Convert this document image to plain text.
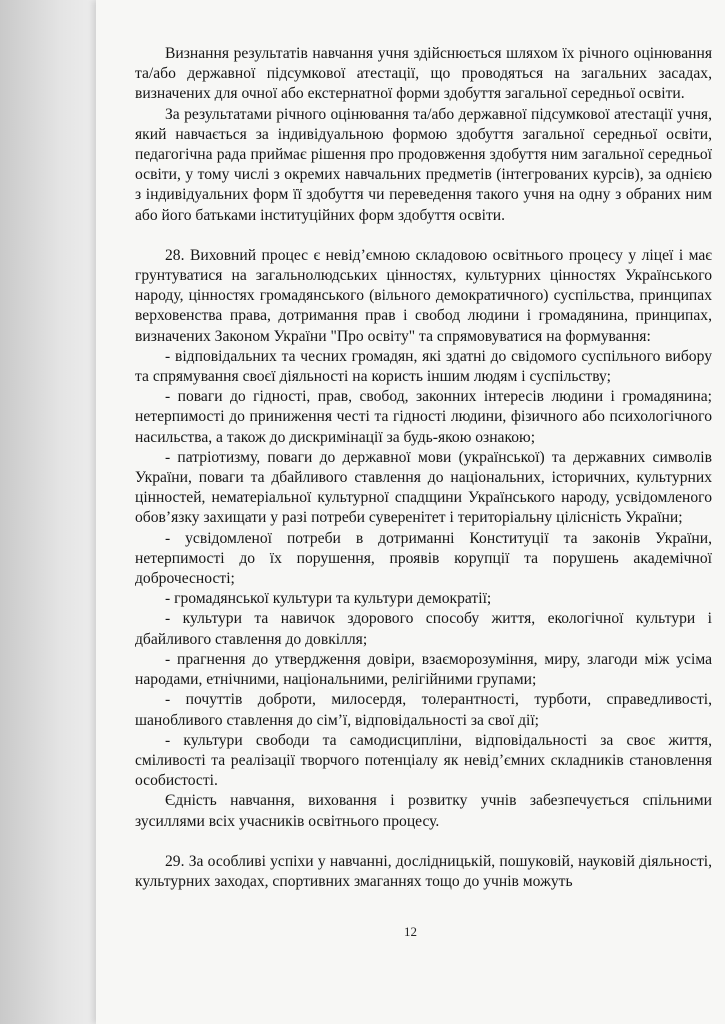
Визнання результатів навчання учня здійснюється шляхом їх річного оцінювання та/або державної підсумкової атестації, що проводяться на загальних засадах, визначених для очної або екстернатної форми здобуття загальної середньої освіти.

За результатами річного оцінювання та/або державної підсумкової атестації учня, який навчається за індивідуальною формою здобуття загальної середньої освіти, педагогічна рада приймає рішення про продовження здобуття ним загальної середньої освіти, у тому числі з окремих навчальних предметів (інтегрованих курсів), за однією з індивідуальних форм її здобуття чи переведення такого учня на одну з обраних ним або його батьками інституційних форм здобуття освіти.

28. Виховний процес є невід’ємною складовою освітнього процесу у ліцеї і має грунтуватися на загальнолюдських цінностях, культурних цінностях Українського народу, цінностях громадянського (вільного демократичного) суспільства, принципах верховенства права, дотримання прав і свобод людини і громадянина, принципах, визначених Законом України "Про освіту" та спрямовуватися на формування:

- відповідальних та чесних громадян, які здатні до свідомого суспільного вибору та спрямування своєї діяльності на користь іншим людям і суспільству;

- поваги до гідності, прав, свобод, законних інтересів людини і громадянина; нетерпимості до приниження честі та гідності людини, фізичного або психологічного насильства, а також до дискримінації за будь-якою ознакою;

- патріотизму, поваги до державної мови (української) та державних символів України, поваги та дбайливого ставлення до національних, історичних, культурних цінностей, нематеріальної культурної спадщини Українського народу, усвідомленого обов’язку захищати у разі потреби суверенітет і територіальну цілісність України;

- усвідомленої потреби в дотриманні Конституції та законів України, нетерпимості до їх порушення, проявів корупції та порушень академічної доброчесності;

- громадянської культури та культури демократії;

- культури та навичок здорового способу життя, екологічної культури і дбайливого ставлення до довкілля;

- прагнення до утвердження довіри, взаєморозуміння, миру, злагоди між усіма народами, етнічними, національними, релігійними групами;

- почуттів доброти, милосердя, толерантності, турботи, справедливості, шанобливого ставлення до сім’ї, відповідальності за свої дії;

- культури свободи та самодисципліни, відповідальності за своє життя, сміливості та реалізації творчого потенціалу як невід’ємних складників становлення особистості.

Єдність навчання, виховання і розвитку учнів забезпечується спільними зусиллями всіх учасників освітнього процесу.

29. За особливі успіхи у навчанні, дослідницькій, пошуковій, науковій діяльності, культурних заходах, спортивних змаганнях тощо до учнів можуть

12
